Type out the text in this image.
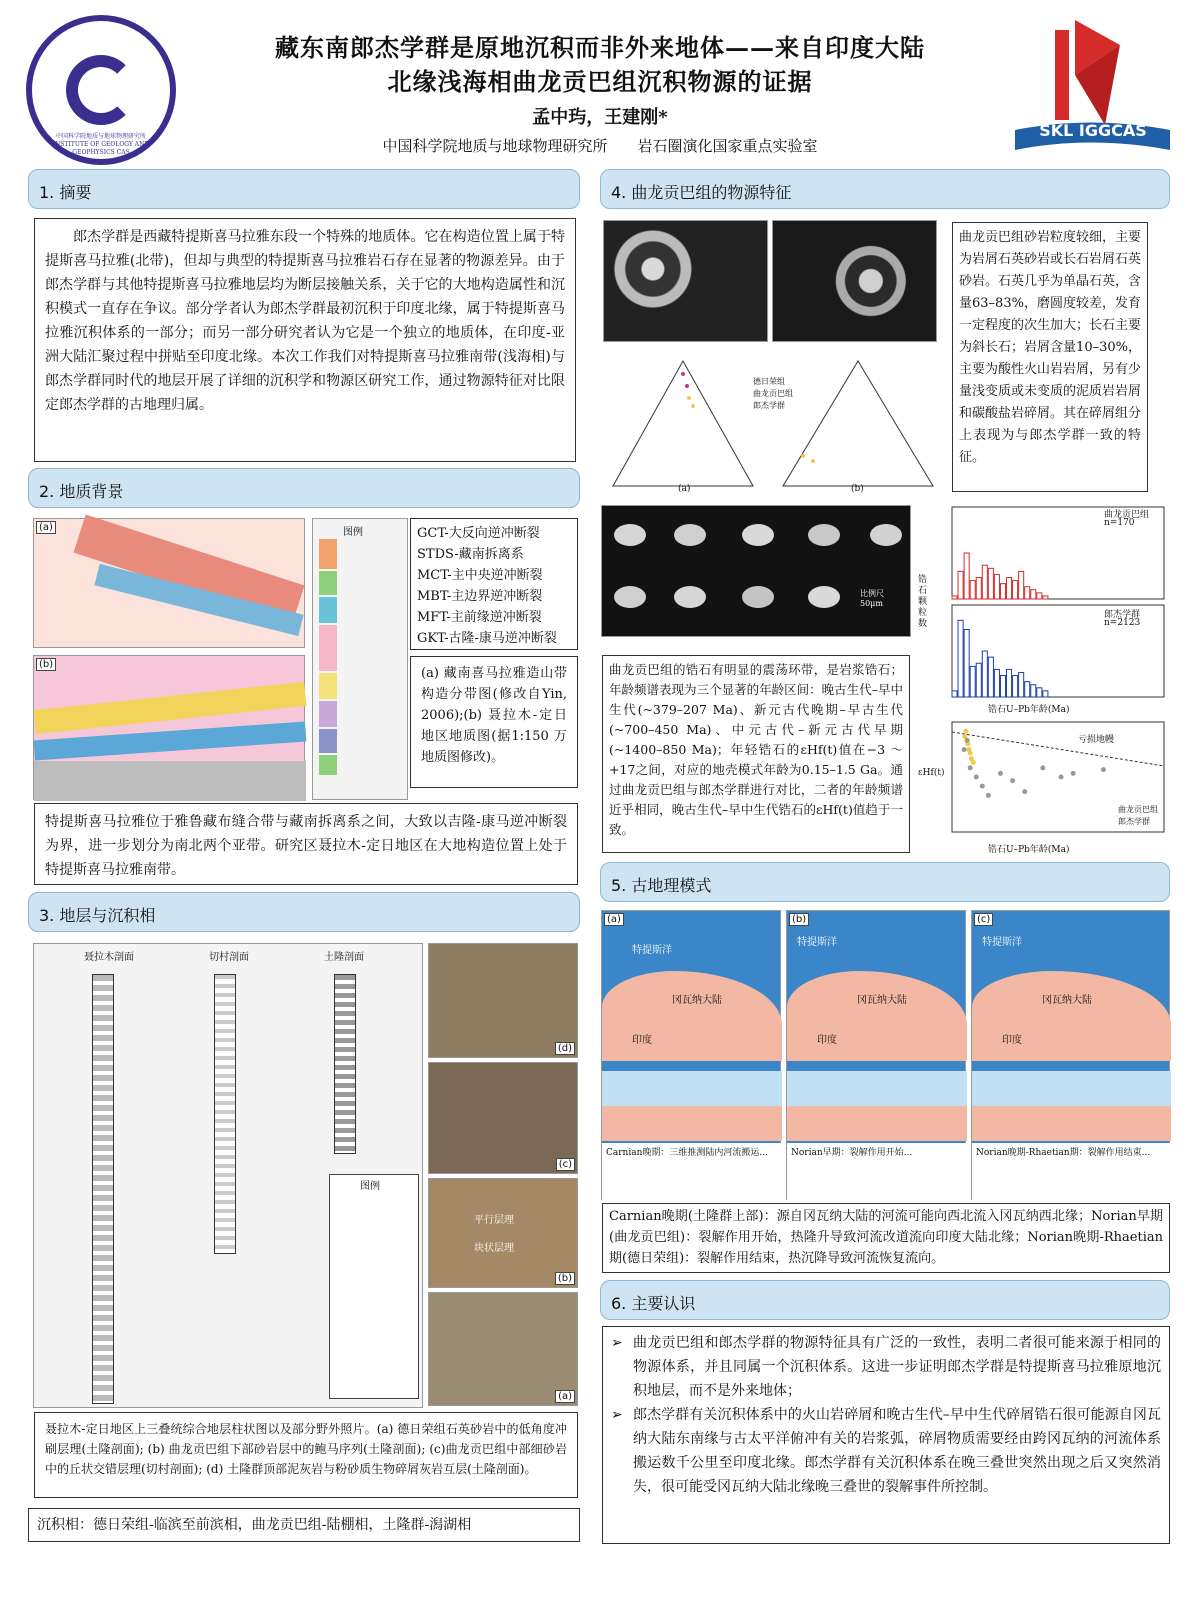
中国科学院地质与地球物理研究所 INSTITUTE OF GEOLOGY AND GEOPHYSICS CAS
藏东南郎杰学群是原地沉积而非外来地体——来自印度大陆
北缘浅海相曲龙贡巴组沉积物源的证据
孟中玙，王建刚*
中国科学院地质与地球物理研究所　　岩石圈演化国家重点实验室
SKL IGGCAS
1. 摘要
郎杰学群是西藏特提斯喜马拉雅东段一个特殊的地质体。它在构造位置上属于特提斯喜马拉雅(北带)，但却与典型的特提斯喜马拉雅岩石存在显著的物源差异。由于郎杰学群与其他特提斯喜马拉雅地层均为断层接触关系，关于它的大地构造属性和沉积模式一直存在争议。部分学者认为郎杰学群最初沉积于印度北缘，属于特提斯喜马拉雅沉积体系的一部分；而另一部分研究者认为它是一个独立的地质体，在印度-亚洲大陆汇聚过程中拼贴至印度北缘。本次工作我们对特提斯喜马拉雅南带(浅海相)与郎杰学群同时代的地层开展了详细的沉积学和物源区研究工作，通过物源特征对比限定郎杰学群的古地理归属。
2. 地质背景
(a)
(b)
图例	GCT-大反向逆冲断裂
STDS-藏南拆离系
MCT-主中央逆冲断裂
MBT-主边界逆冲断裂
MFT-主前缘逆冲断裂
GKT-古隆-康马逆冲断裂
(a) 藏南喜马拉雅造山带构造分带图(修改自Yin, 2006);(b) 聂拉木-定日地区地质图(据1:150 万地质图修改)。
特提斯喜马拉雅位于雅鲁藏布缝合带与藏南拆离系之间，大致以吉隆-康马逆冲断裂为界，进一步划分为南北两个亚带。研究区聂拉木-定日地区在大地构造位置上处于特提斯喜马拉雅南带。
3. 地层与沉积相
聂拉木剖面	切村剖面	土隆剖面
图例
(d)
(c)
平行层理
块状层理
(b)
(a)
聂拉木-定日地区上三叠统综合地层柱状图以及部分野外照片。(a) 德日荣组石英砂岩中的低角度冲刷层理(土隆剖面); (b) 曲龙贡巴组下部砂岩层中的鲍马序列(土隆剖面); (c)曲龙贡巴组中部细砂岩中的丘状交错层理(切村剖面); (d) 土隆群顶部泥灰岩与粉砂质生物碎屑灰岩互层(土隆剖面)。
沉积相：德日荣组-临滨至前滨相，曲龙贡巴组-陆棚相，土隆群-潟湖相
4. 曲龙贡巴组的物源特征
德日荣组
曲龙贡巴组
郎杰学群
(a)	(b)
曲龙贡巴组砂岩粒度较细，主要为岩屑石英砂岩或长石岩屑石英砂岩。石英几乎为单晶石英，含量63–83%，磨圆度较差，发育一定程度的次生加大；长石主要为斜长石；岩屑含量10–30%，主要为酸性火山岩岩屑，另有少量浅变质或未变质的泥质岩岩屑和碳酸盐岩碎屑。其在碎屑组分上表现为与郎杰学群一致的特征。
比例尺 50μm
曲龙贡巴组的锆石有明显的震荡环带，是岩浆锆石；年龄频谱表现为三个显著的年龄区间：晚古生代–早中生代(~379–207 Ma)、新元古代晚期–早古生代(~700–450 Ma)、中元古代–新元古代早期(~1400–850 Ma)；年轻锆石的εHf(t)值在−3 ～+17之间，对应的地壳模式年龄为0.15–1.5 Ga。通过曲龙贡巴组与郎杰学群进行对比，二者的年龄频谱近乎相同，晚古生代–早中生代锆石的εHf(t)值趋于一致。
曲龙贡巴组
n=170
郎杰学群
n=2123
锆石颗粒数
锆石U–Pb年龄(Ma)
亏损地幔
曲龙贡巴组
郎杰学群
εHf(t)
锆石U–Pb年龄(Ma)
5. 古地理模式
(a)
特提斯洋
冈瓦纳大陆
印度
Carnian晚期：三维推测陆内河流搬运...
(b)
特提斯洋
冈瓦纳大陆
印度
Norian早期：裂解作用开始...
(c)
特提斯洋
冈瓦纳大陆
印度
Norian晚期-Rhaetian期：裂解作用结束...
Carnian晚期(土隆群上部)：源自冈瓦纳大陆的河流可能向西北流入冈瓦纳西北缘；Norian早期(曲龙贡巴组)：裂解作用开始，热隆升导致河流改道流向印度大陆北缘；Norian晚期-Rhaetian期(德日荣组)：裂解作用结束，热沉降导致河流恢复流向。
6. 主要认识
➢ 曲龙贡巴组和郎杰学群的物源特征具有广泛的一致性，表明二者很可能来源于相同的物源体系，并且同属一个沉积体系。这进一步证明郎杰学群是特提斯喜马拉雅原地沉积地层，而不是外来地体；
➢ 郎杰学群有关沉积体系中的火山岩碎屑和晚古生代–早中生代碎屑锆石很可能源自冈瓦纳大陆东南缘与古太平洋俯冲有关的岩浆弧，碎屑物质需要经由跨冈瓦纳的河流体系搬运数千公里至印度北缘。郎杰学群有关沉积体系在晚三叠世突然出现之后又突然消失，很可能受冈瓦纳大陆北缘晚三叠世的裂解事件所控制。
